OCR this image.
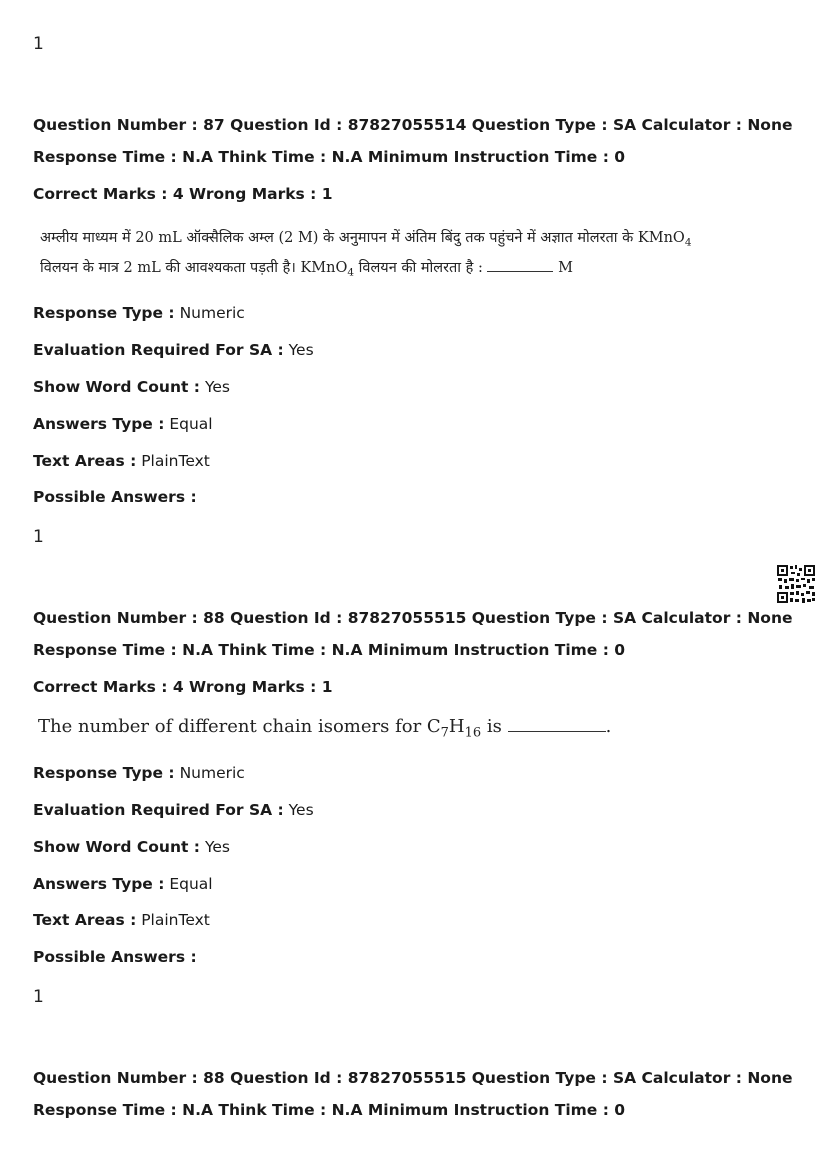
1
Question Number : 87 Question Id : 87827055514 Question Type : SA Calculator : None
Response Time : N.A Think Time : N.A Minimum Instruction Time : 0
Correct Marks : 4 Wrong Marks : 1
अम्लीय माध्यम में 20 mL ऑक्सैलिक अम्ल (2 M) के अनुमापन में अंतिम बिंदु तक पहुंचने में अज्ञात मोलरता के KMnO$_4$
विलयन के मात्र 2 mL की आवश्यकता पड़ती है। KMnO$_4$ विलयन की मोलरता है :	M
Response Type : Numeric
Evaluation Required For SA : Yes
Show Word Count : Yes
Answers Type : Equal
Text Areas : PlainText
Possible Answers :
1
Question Number : 88 Question Id : 87827055515 Question Type : SA Calculator : None
Response Time : N.A Think Time : N.A Minimum Instruction Time : 0
Correct Marks : 4 Wrong Marks : 1
The number of different chain isomers for $C_7H_{16}$ is	.
Response Type : Numeric
Evaluation Required For SA : Yes
Show Word Count : Yes
Answers Type : Equal
Text Areas : PlainText
Possible Answers :
1
Question Number : 88 Question Id : 87827055515 Question Type : SA Calculator : None
Response Time : N.A Think Time : N.A Minimum Instruction Time : 0
